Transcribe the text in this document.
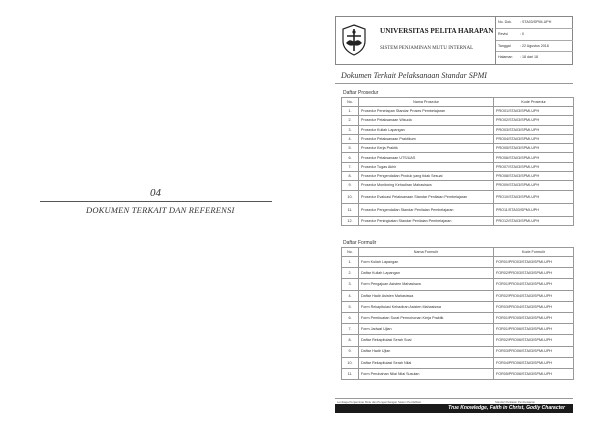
04
DOKUMEN TERKAIT DAN REFERENSI
UNIVERSITAS PELITA HARAPAN
SISTEM PENJAMINAN MUTU INTERNAL
No. Dok. : STA03/SPMI-UPH
Revisi	: 0
Tanggal	: 22 Agustus 2018
Halaman : 18 dari 18
Dokumen Terkait Pelaksanaan Standar SPMI
Daftar Prosedur
No.	Nama Prosedur	Kode Prosedur
1.	Prosedur Penetapan Standar Proses Pembelajaran	PRO01/STA03/SPMI-UPH
2.	Prosedur Pelaksanaan Wisuda	PRO02/STA03/SPMI-UPH
3.	Prosedur Kuliah Lapangan	PRO03/STA03/SPMI-UPH
4.	Prosedur Pelaksanaan Praktikum	PRO04/STA03/SPMI-UPH
5.	Prosedur Kerja Praktik	PRO05/STA03/SPMI-UPH
6.	Prosedur Pelaksanaan UTS/UAS	PRO06/STA03/SPMI-UPH
7.	Prosedur Tugas Akhir	PRO07/STA03/SPMI-UPH
8.	Prosedur Pengendalian Produk yang tidak Sesuai	PRO08/STA03/SPMI-UPH
9.	Prosedur Monitoring Kehadiran Mahasiswa	PRO09/STA03/SPMI-UPH
10.	Prosedur Evaluasi Pelaksanaan Standar Penilaian Pembelajaran	PRO10/STA03/SPMI-UPH
11.	Prosedur Pengendalian Standar Penilaian Pembelajaran	PRO11/STA03/SPMI-UPH
12.	Prosedur Peningkatan Standar Penilaian Pembelajaran	PRO12/STA03/SPMI-UPH
Daftar Formulir
No.	Nama Formulir	Kode Formulir
1.	Form Kuliah Lapangan	FOR01/PRO03/STA03/SPMI-UPH
2.	Daftar Kuliah Lapangan	FOR02/PRO03/STA03/SPMI-UPH
3.	Form Pengajuan Asisten Mahasiswa	FOR01/PRO04/STA03/SPMI-UPH
4.	Daftar Hadir Asisten Mahasiswa	FOR02/PRO04/STA03/SPMI-UPH
5.	Form Rekapitulasi Kehadiran Asisten Mahasiswa	FOR03/PRO04/STA03/SPMI-UPH
6.	Form Pembuatan Surat Permohonan Kerja Praktik	FOR01/PRO05/STA03/SPMI-UPH
7.	Form Jadwal Ujian	FOR01/PRO06/STA03/SPMI-UPH
8.	Daftar Rekapitulasi Serah Soal	FOR02/PRO06/STA03/SPMI-UPH
9.	Daftar Hadir Ujian	FOR03/PRO06/STA03/SPMI-UPH
10.	Daftar Rekapitulasi Serah Nilai	FOR04/PRO06/STA03/SPMI-UPH
11.	Form Perubahan Nilai Nilai Susulan	FOR05/PRO06/STA03/SPMI-UPH
Lembaga Penjaminan Mutu dan Pengembangan Sistem Pendidikan	Standar Penilaian Pembelajaran
True Knowledge, Faith in Christ, Godly Character
